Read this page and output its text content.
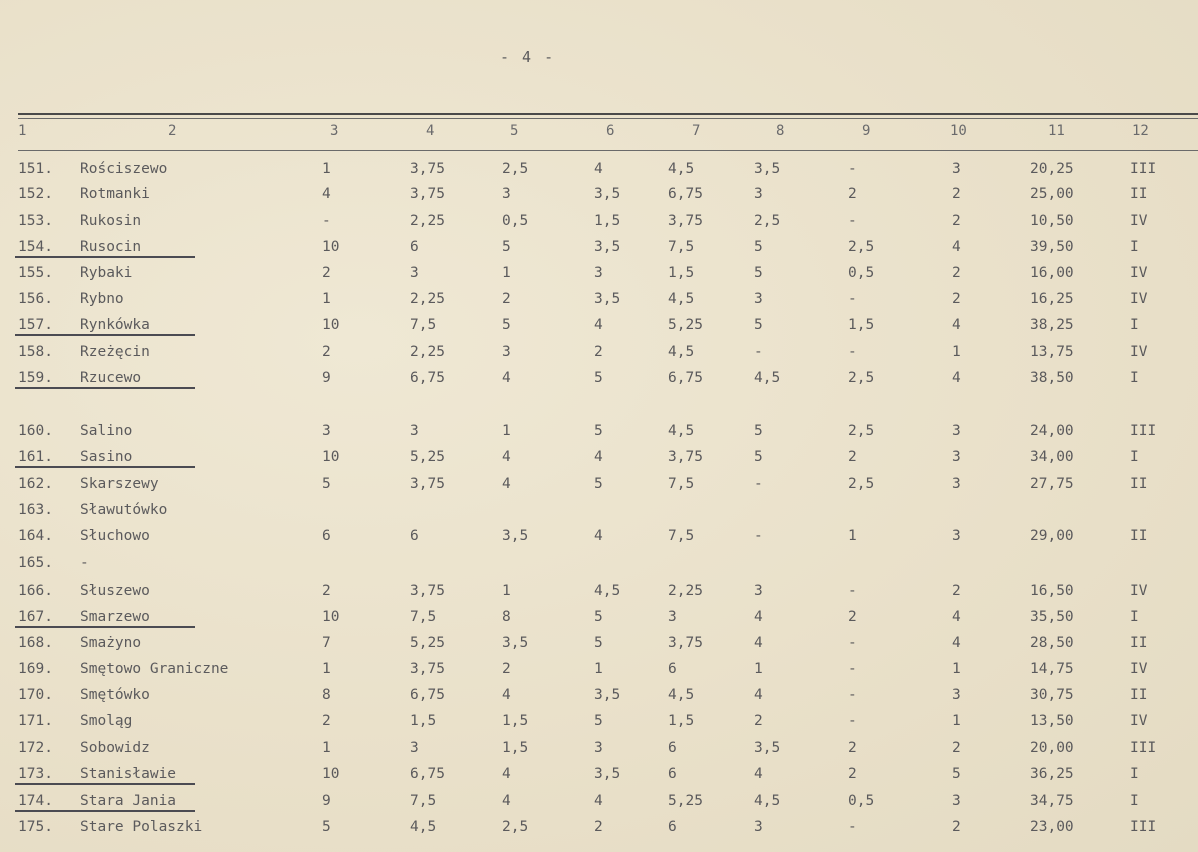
- 4 -
1	2	3	4	5	6	7	8	9	10	11	12
151. Rościszewo	1	3,75	2,5	4	4,5	3,5	-	3	20,25	III
152. Rotmanki	4	3,75	3	3,5	6,75	3	2	2	25,00	II
153. Rukosin	-	2,25	0,5	1,5	3,75	2,5	-	2	10,50	IV
154. Rusocin	10	6	5	3,5	7,5	5	2,5	4	39,50	I
155. Rybaki	2	3	1	3	1,5	5	0,5	2	16,00	IV
156. Rybno	1	2,25	2	3,5	4,5	3	-	2	16,25	IV
157. Rynkówka	10	7,5	5	4	5,25	5	1,5	4	38,25	I
158. Rzeżęcin	2	2,25	3	2	4,5	-	-	1	13,75	IV
159. Rzucewo	9	6,75	4	5	6,75	4,5	2,5	4	38,50	I
160. Salino	3	3	1	5	4,5	5	2,5	3	24,00	III
161. Sasino	10	5,25	4	4	3,75	5	2	3	34,00	I
162. Skarszewy	5	3,75	4	5	7,5	-	2,5	3	27,75	II
163. Sławutówko
164. Słuchowo	6	6	3,5	4	7,5	-	1	3	29,00	II
165. -
166. Słuszewo	2	3,75	1	4,5	2,25	3	-	2	16,50	IV
167. Smarzewo	10	7,5	8	5	3	4	2	4	35,50	I
168. Smażyno	7	5,25	3,5	5	3,75	4	-	4	28,50	II
169. Smętowo Graniczne	1	3,75	2	1	6	1	-	1	14,75	IV
170. Smętówko	8	6,75	4	3,5	4,5	4	-	3	30,75	II
171. Smoląg	2	1,5	1,5	5	1,5	2	-	1	13,50	IV
172. Sobowidz	1	3	1,5	3	6	3,5	2	2	20,00	III
173. Stanisławie	10	6,75	4	3,5	6	4	2	5	36,25	I
174. Stara Jania	9	7,5	4	4	5,25	4,5	0,5	3	34,75	I
175. Stare Polaszki	5	4,5	2,5	2	6	3	-	2	23,00	III
